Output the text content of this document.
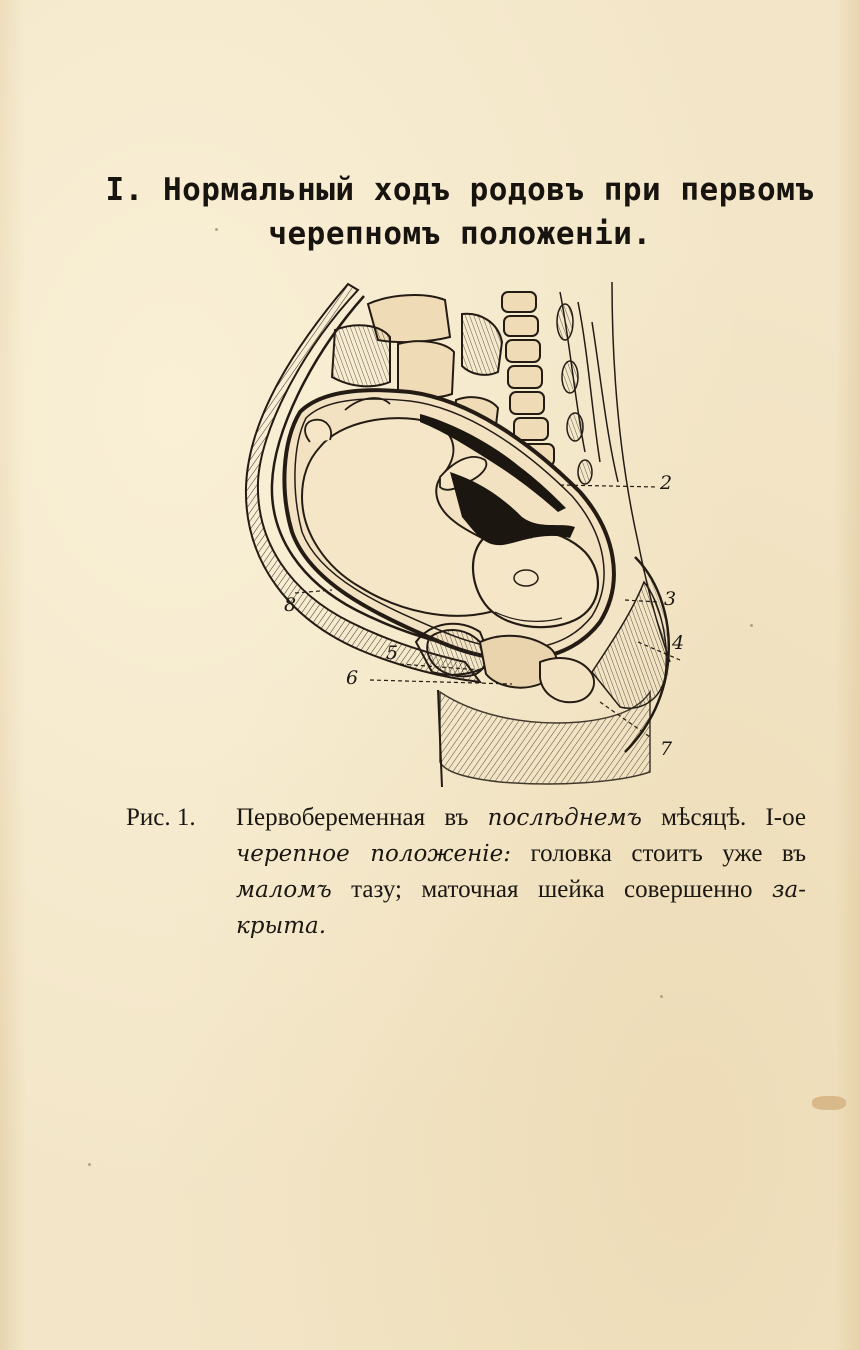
I. Нормальный ходъ родовъ при первомъ
черепномъ положенiи.
2
3
4
5
6
7
8
Рис. 1.	Первобеременная въ послѣднемъ мѣсяцѣ. I-ое
черепное положенiе: головка стоитъ уже въ
маломъ тазу; маточная шейка совершенно за-
крыта.
